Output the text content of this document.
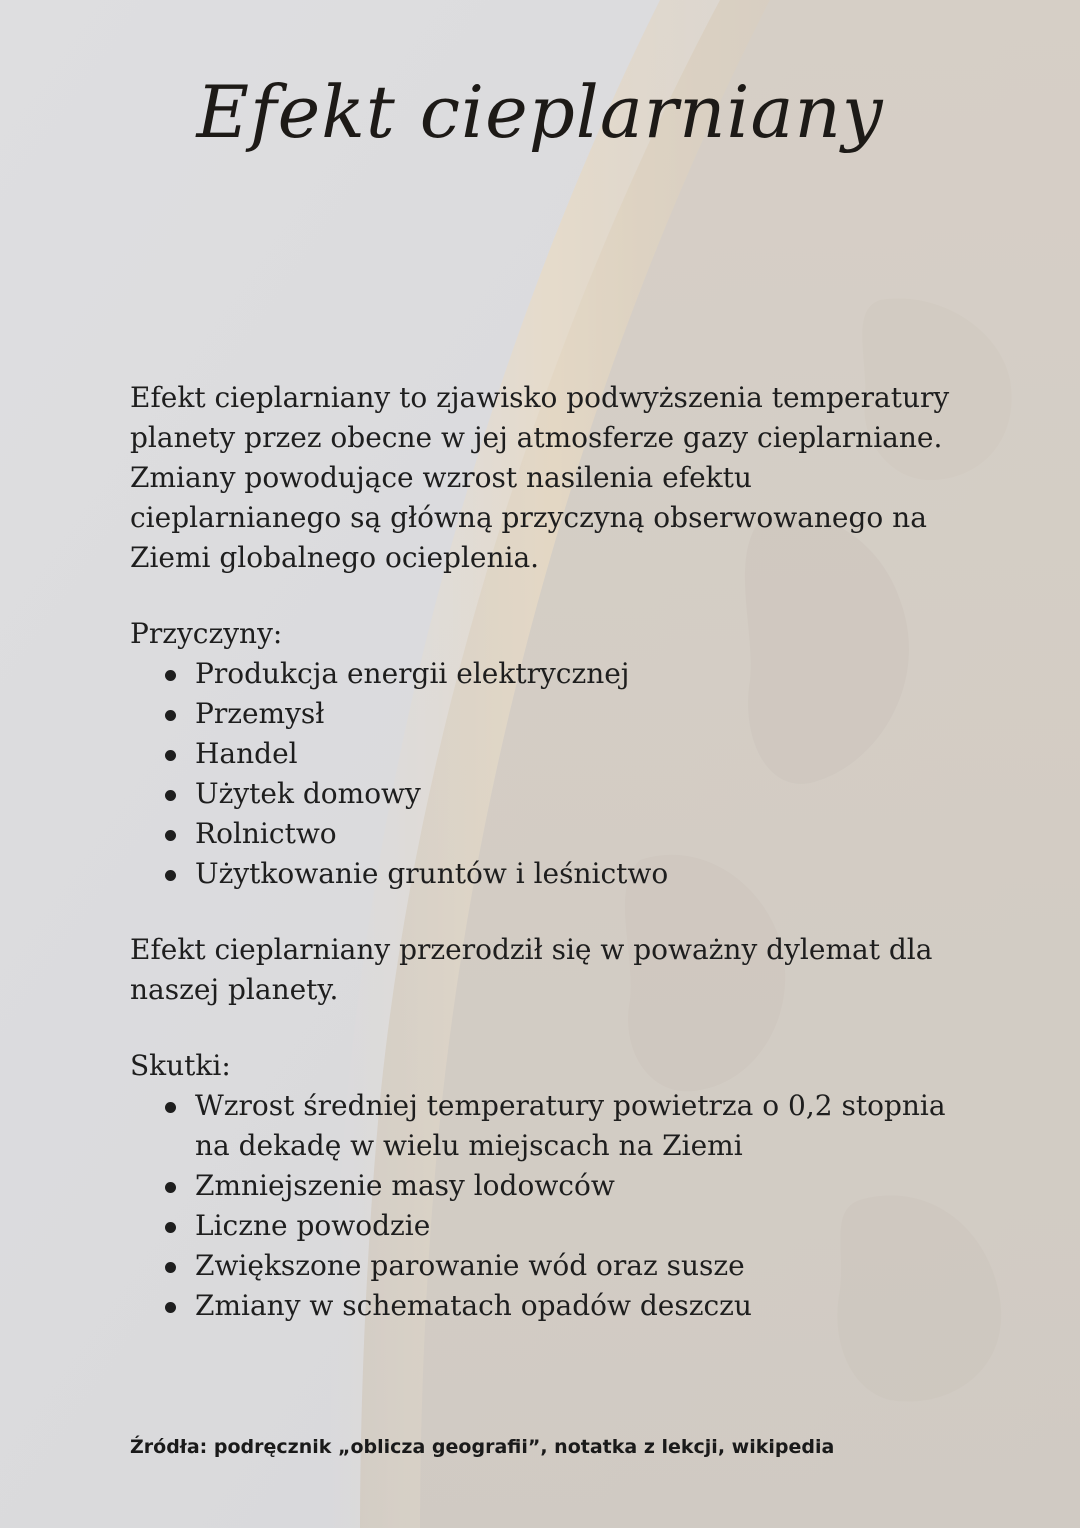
Efekt cieplarniany

Efekt cieplarniany to zjawisko podwyższenia temperatury planety przez obecne w jej atmosferze gazy cieplarniane. Zmiany powodujące wzrost nasilenia efektu cieplarnianego są główną przyczyną obserwowanego na Ziemi globalnego ocieplenia.

Przyczyny:

Produkcja energii elektrycznej
Przemysł
Handel
Użytek domowy
Rolnictwo
Użytkowanie gruntów i leśnictwo

Efekt cieplarniany przerodził się w poważny dylemat dla naszej planety.

Skutki:

Wzrost średniej temperatury powietrza o 0,2 stopnia na dekadę w wielu miejscach na Ziemi
Zmniejszenie masy lodowców
Liczne powodzie
Zwiększone parowanie wód oraz susze
Zmiany w schematach opadów deszczu
Źródła: podręcznik „oblicza geografii”, notatka z lekcji, wikipedia
